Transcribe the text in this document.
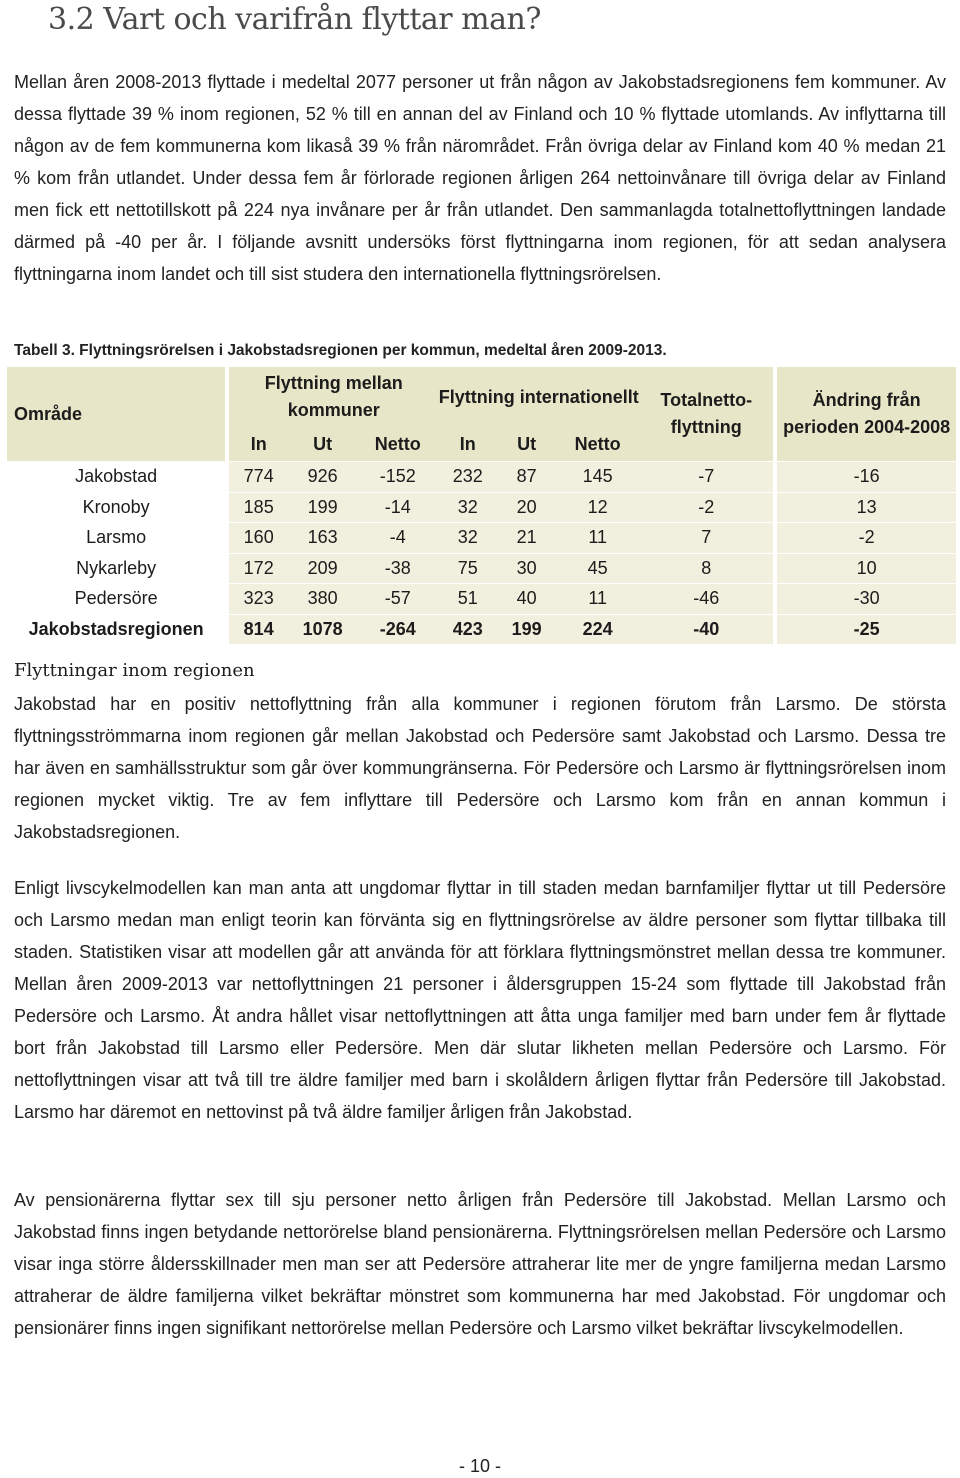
3.2 Vart och varifrån flyttar man?

Mellan åren 2008-2013 flyttade i medeltal 2077 personer ut från någon av Jakobstadsregionens fem kommuner. Av dessa flyttade 39 % inom regionen, 52 % till en annan del av Finland och 10 % flyttade utomlands. Av inflyttarna till någon av de fem kommunerna kom likaså 39 % från närområdet. Från övriga delar av Finland kom 40 % medan 21 % kom från utlandet. Under dessa fem år förlorade regionen årligen 264 nettoinvånare till övriga delar av Finland men fick ett nettotillskott på 224 nya invånare per år från utlandet. Den sammanlagda totalnettoflyttningen landade därmed på -40 per år. I följande avsnitt undersöks först flyttningarna inom regionen, för att sedan analysera flyttningarna inom landet och till sist studera den internationella flyttningsrörelsen.

Tabell 3. Flyttningsrörelsen i Jakobstadsregionen per kommun, medeltal åren 2009-2013.

Område		Flyttning mellan kommuner			Flyttning internationellt			Totalnetto-flyttning		Ändring från perioden 2004-2008
		In	Ut	Netto	In	Ut	Netto			
Jakobstad		774	926	-152	232	87	145	-7		-16
Kronoby		185	199	-14	32	20	12	-2		13
Larsmo		160	163	-4	32	21	11	7		-2
Nykarleby		172	209	-38	75	30	45	8		10
Pedersöre		323	380	-57	51	40	11	-46		-30
Jakobstadsregionen		814	1078	-264	423	199	224	-40		-25
Flyttningar inom regionen

Jakobstad har en positiv nettoflyttning från alla kommuner i regionen förutom från Larsmo. De största flyttningsströmmarna inom regionen går mellan Jakobstad och Pedersöre samt Jakobstad och Larsmo. Dessa tre har även en samhällsstruktur som går över kommungränserna. För Pedersöre och Larsmo är flyttningsrörelsen inom regionen mycket viktig. Tre av fem inflyttare till Pedersöre och Larsmo kom från en annan kommun i Jakobstadsregionen.

Enligt livscykelmodellen kan man anta att ungdomar flyttar in till staden medan barnfamiljer flyttar ut till Pedersöre och Larsmo medan man enligt teorin kan förvänta sig en flyttningsrörelse av äldre personer som flyttar tillbaka till staden. Statistiken visar att modellen går att använda för att förklara flyttningsmönstret mellan dessa tre kommuner. Mellan åren 2009-2013 var nettoflyttningen 21 personer i åldersgruppen 15-24 som flyttade till Jakobstad från Pedersöre och Larsmo. Åt andra hållet visar nettoflyttningen att åtta unga familjer med barn under fem år flyttade bort från Jakobstad till Larsmo eller Pedersöre. Men där slutar likheten mellan Pedersöre och Larsmo. För nettoflyttningen visar att två till tre äldre familjer med barn i skolåldern årligen flyttar från Pedersöre till Jakobstad. Larsmo har däremot en nettovinst på två äldre familjer årligen från Jakobstad.

Av pensionärerna flyttar sex till sju personer netto årligen från Pedersöre till Jakobstad. Mellan Larsmo och Jakobstad finns ingen betydande nettorörelse bland pensionärerna. Flyttningsrörelsen mellan Pedersöre och Larsmo visar inga större åldersskillnader men man ser att Pedersöre attraherar lite mer de yngre familjerna medan Larsmo attraherar de äldre familjerna vilket bekräftar mönstret som kommunerna har med Jakobstad. För ungdomar och pensionärer finns ingen signifikant nettorörelse mellan Pedersöre och Larsmo vilket bekräftar livscykelmodellen.

- 10 -
